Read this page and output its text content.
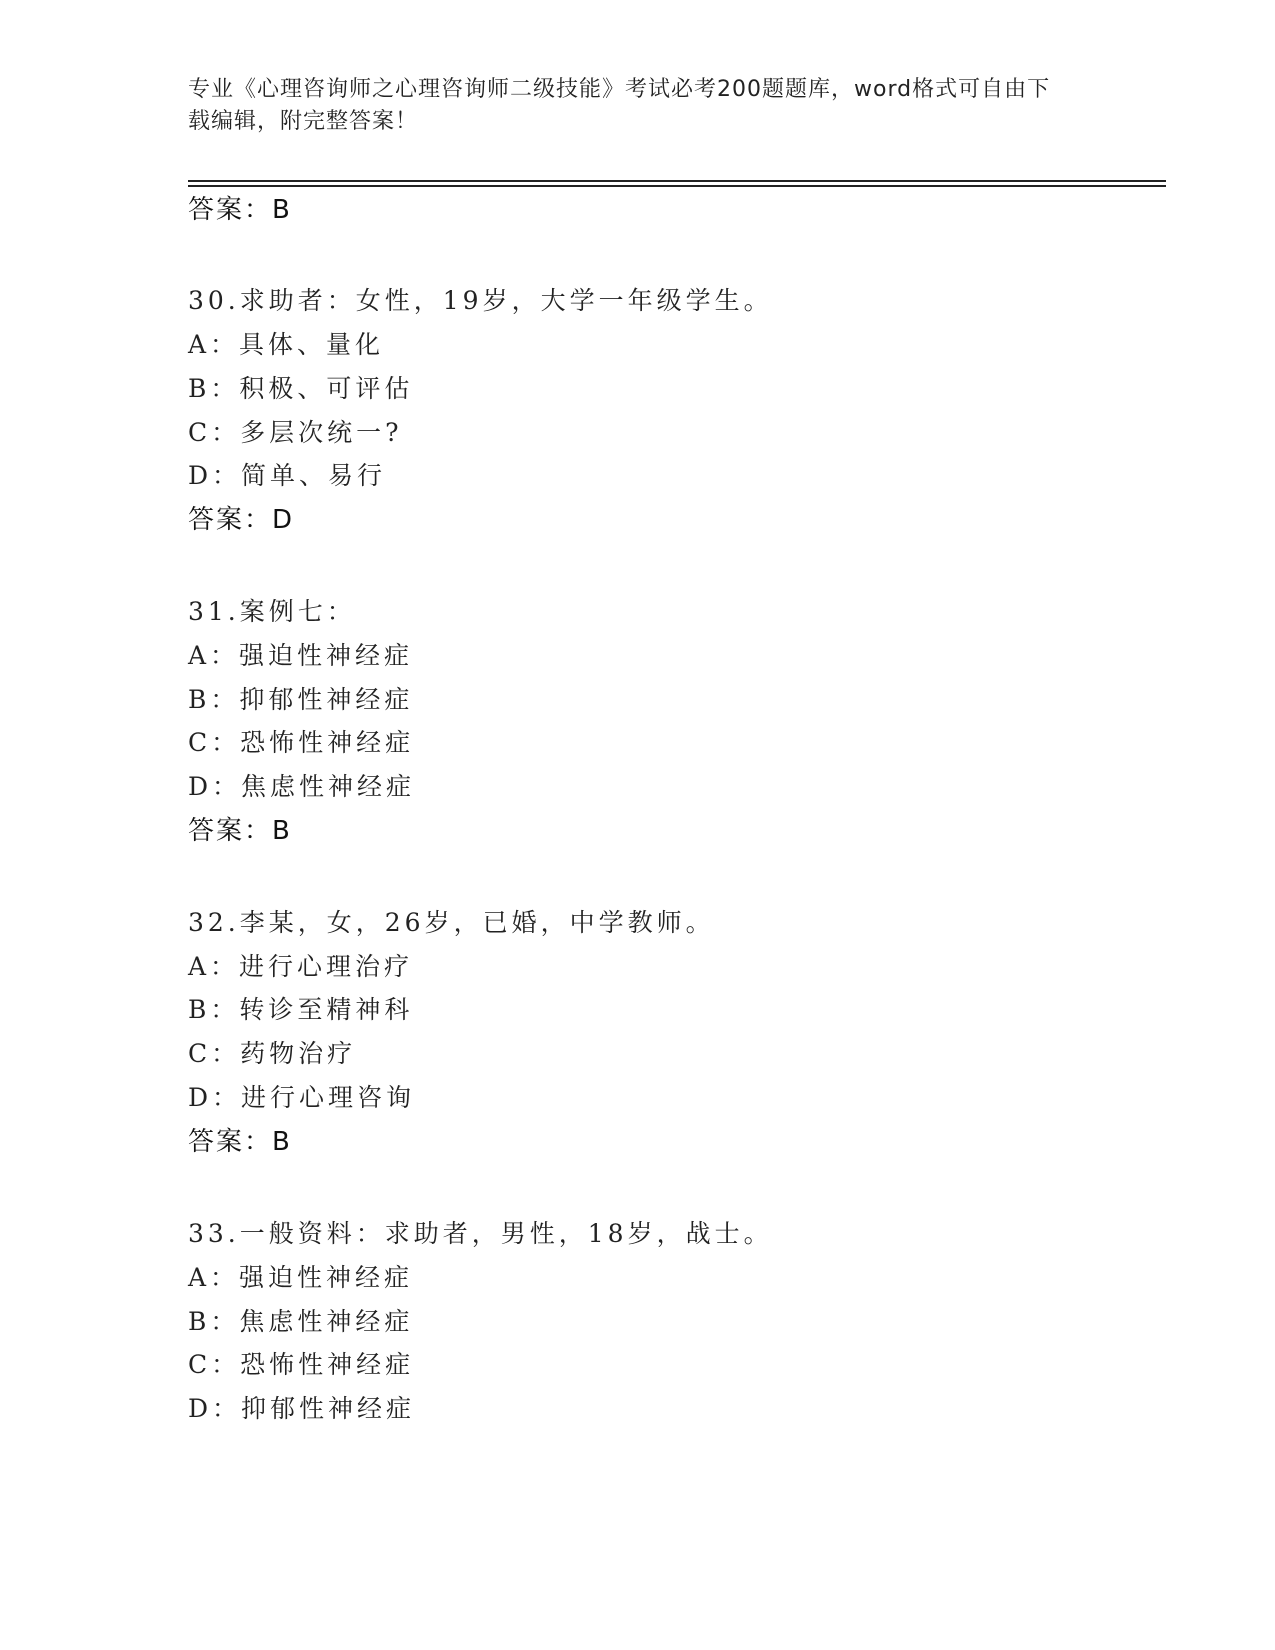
专业《心理咨询师之心理咨询师二级技能》考试必考200题题库，word格式可自由下载编辑，附完整答案！
答案：B
30.求助者：女性，19岁，大学一年级学生。
A：具体、量化
B：积极、可评估
C：多层次统一?
D：简单、易行
答案：D
31.案例七：
A：强迫性神经症
B：抑郁性神经症
C：恐怖性神经症
D：焦虑性神经症
答案：B
32.李某，女，26岁，已婚，中学教师。
A：进行心理治疗
B：转诊至精神科
C：药物治疗
D：进行心理咨询
答案：B
33.一般资料：求助者，男性，18岁，战士。
A：强迫性神经症
B：焦虑性神经症
C：恐怖性神经症
D：抑郁性神经症
